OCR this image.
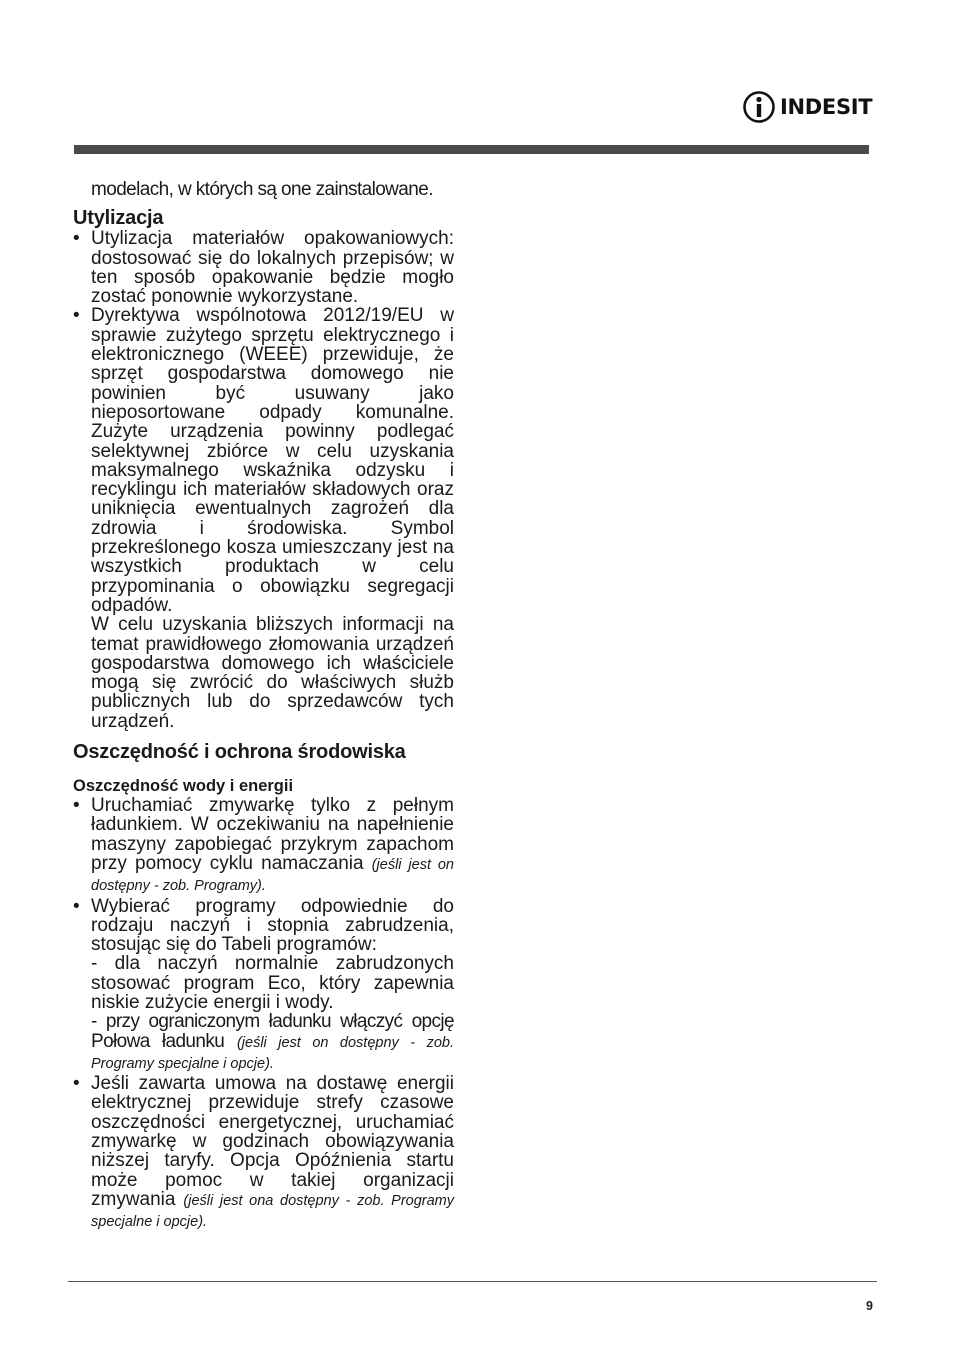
INDESIT

modelach, w których są one zainstalowane.

Utylizacja
• Utylizacja materiałów opakowaniowych: dostosować się do lokalnych przepisów; w ten sposób opakowanie będzie mogło zostać ponownie wykorzystane.
• Dyrektywa wspólnotowa 2012/19/EU w sprawie zużytego sprzętu elektrycznego i elektronicznego (WEEE) przewiduje, że sprzęt gospodarstwa domowego nie powinien być usuwany jako nieposortowane odpady komunalne. Zużyte urządzenia powinny podlegać selektywnej zbiórce w celu uzyskania maksymalnego wskaźnika odzysku i recyklingu ich materiałów składowych oraz uniknięcia ewentualnych zagrożeń dla zdrowia i środowiska. Symbol przekreślonego kosza umieszczany jest na wszystkich produktach w celu przypominania o obowiązku segregacji odpadów.
W celu uzyskania bliższych informacji na temat prawidłowego złomowania urządzeń gospodarstwa domowego ich właściciele mogą się zwrócić do właściwych służb publicznych lub do sprzedawców tych urządzeń.
Oszczędność i ochrona środowiska
Oszczędność wody i energii
• Uruchamiać zmywarkę tylko z pełnym ładunkiem. W oczekiwaniu na napełnienie maszyny zapobiegać przykrym zapachom przy pomocy cyklu namaczania (jeśli jest on dostępny - zob. Programy).
• Wybierać programy odpowiednie do rodzaju naczyń i stopnia zabrudzenia, stosując się do Tabeli programów:
- dla naczyń normalnie zabrudzonych stosować program Eco, który zapewnia niskie zużycie energii i wody.
- przy ograniczonym ładunku włączyć opcję Połowa ładunku (jeśli jest on dostępny - zob. Programy specjalne i opcje).
• Jeśli zawarta umowa na dostawę energii elektrycznej przewiduje strefy czasowe oszczędności energetycznej, uruchamiać zmywarkę w godzinach obowiązywania niższej taryfy. Opcja Opóźnienia startu może pomoc w takiej organizacji zmywania (jeśli jest ona dostępny - zob. Programy specjalne i opcje).
9
